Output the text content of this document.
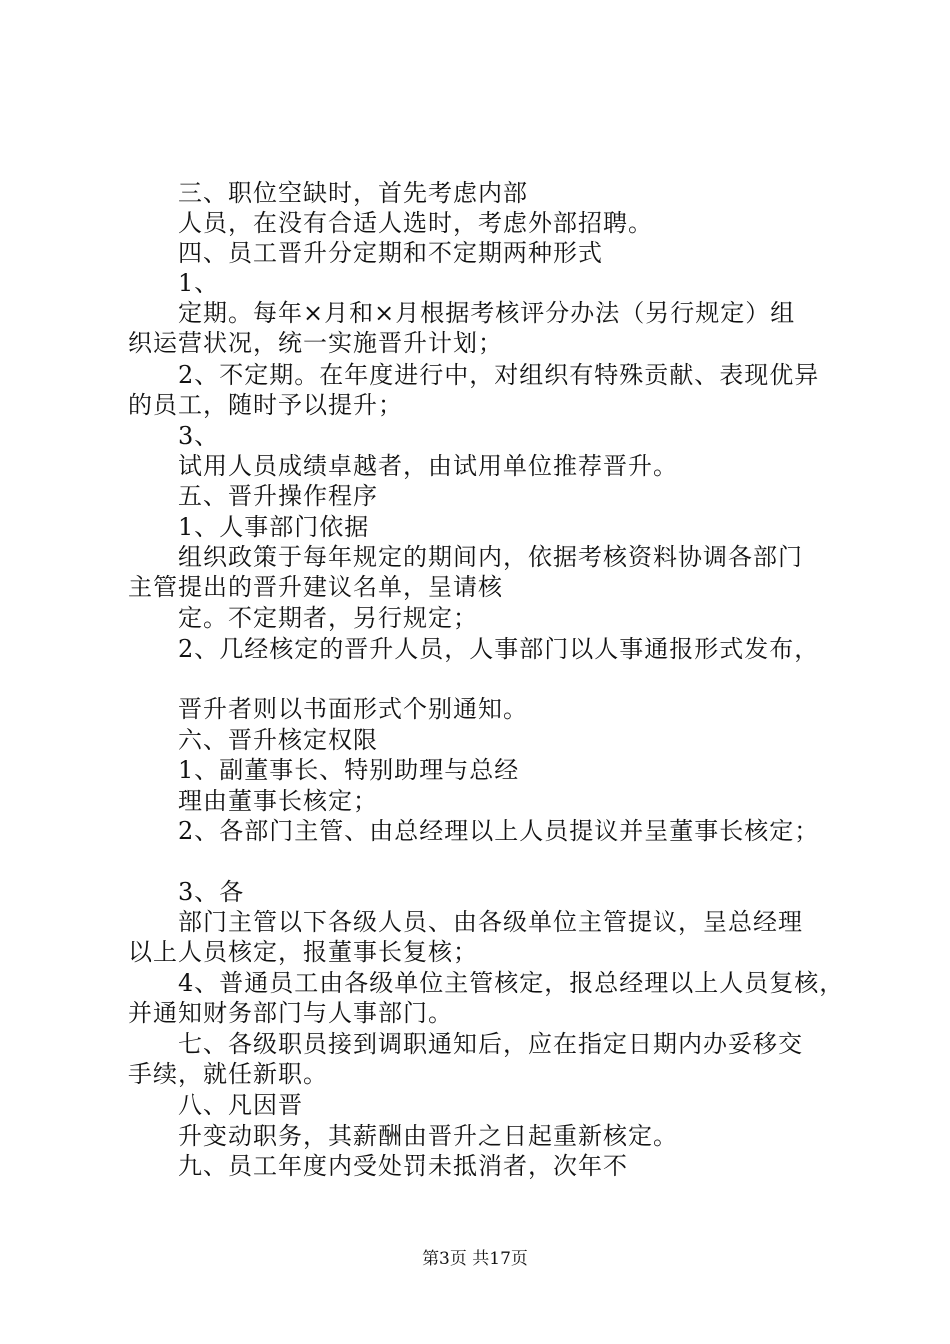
三、职位空缺时，首先考虑内部
人员，在没有合适人选时，考虑外部招聘。
四、员工晋升分定期和不定期两种形式
1、
定期。每年×月和×月根据考核评分办法（另行规定）组
织运营状况，统一实施晋升计划；
2、不定期。在年度进行中，对组织有特殊贡献、表现优异
的员工，随时予以提升；
3、
试用人员成绩卓越者，由试用单位推荐晋升。
五、晋升操作程序
1、人事部门依据
组织政策于每年规定的期间内，依据考核资料协调各部门
主管提出的晋升建议名单，呈请核
定。不定期者，另行规定；
2、几经核定的晋升人员，人事部门以人事通报形式发布，
晋升者则以书面形式个别通知。
六、晋升核定权限
1、副董事长、特别助理与总经
理由董事长核定；
2、各部门主管、由总经理以上人员提议并呈董事长核定；
3、各
部门主管以下各级人员、由各级单位主管提议，呈总经理
以上人员核定，报董事长复核；
4、普通员工由各级单位主管核定，报总经理以上人员复核，
并通知财务部门与人事部门。
七、各级职员接到调职通知后，应在指定日期内办妥移交
手续，就任新职。
八、凡因晋
升变动职务，其薪酬由晋升之日起重新核定。
九、员工年度内受处罚未抵消者，次年不
第3页 共17页
